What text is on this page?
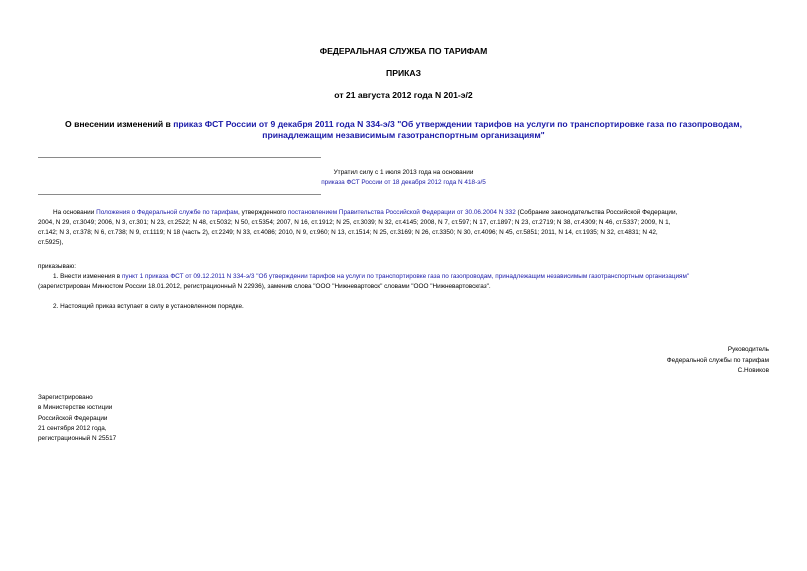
ФЕДЕРАЛЬНАЯ СЛУЖБА ПО ТАРИФАМ
ПРИКАЗ
от 21 августа 2012 года N 201-э/2
О внесении изменений в приказ ФСТ России от 9 декабря 2011 года N 334-э/3 "Об утверждении тарифов на услуги по транспортировке газа по газопроводам,
принадлежащим независимым газотранспортным организациям"
Утратил силу с 1 июля 2013 года на основании
приказа ФСТ России от 18 декабря 2012 года N 418-э/5
На основании Положения о Федеральной службе по тарифам, утвержденного постановлением Правительства Российской Федерации от 30.06.2004 N 332 (Собрание законодательства Российской Федерации,
2004, N 29, ст.3049; 2006, N 3, ст.301; N 23, ст.2522; N 48, ст.5032; N 50, ст.5354; 2007, N 16, ст.1912; N 25, ст.3039; N 32, ст.4145; 2008, N 7, ст.597; N 17, ст.1897; N 23, ст.2719; N 38, ст.4309; N 46, ст.5337; 2009, N 1,
ст.142; N 3, ст.378; N 6, ст.738; N 9, ст.1119; N 18 (часть 2), ст.2249; N 33, ст.4086; 2010, N 9, ст.960; N 13, ст.1514; N 25, ст.3169; N 26, ст.3350; N 30, ст.4096; N 45, ст.5851; 2011, N 14, ст.1935; N 32, ст.4831; N 42,
ст.5925),
приказываю:
1. Внести изменения в пункт 1 приказа ФСТ от 09.12.2011 N 334-э/3 "Об утверждении тарифов на услуги по транспортировке газа по газопроводам, принадлежащим независимым газотранспортным организациям"
(зарегистрирован Минюстом России 18.01.2012, регистрационный N 22936), заменив слова "ООО "Нижневартовск" словами "ООО "Нижневартовскгаз".
2. Настоящий приказ вступает в силу в установленном порядке.
Руководитель
Федеральной службы по тарифам
С.Новиков
Зарегистрировано
в Министерстве юстиции
Российской Федерации
21 сентября 2012 года,
регистрационный N 25517
